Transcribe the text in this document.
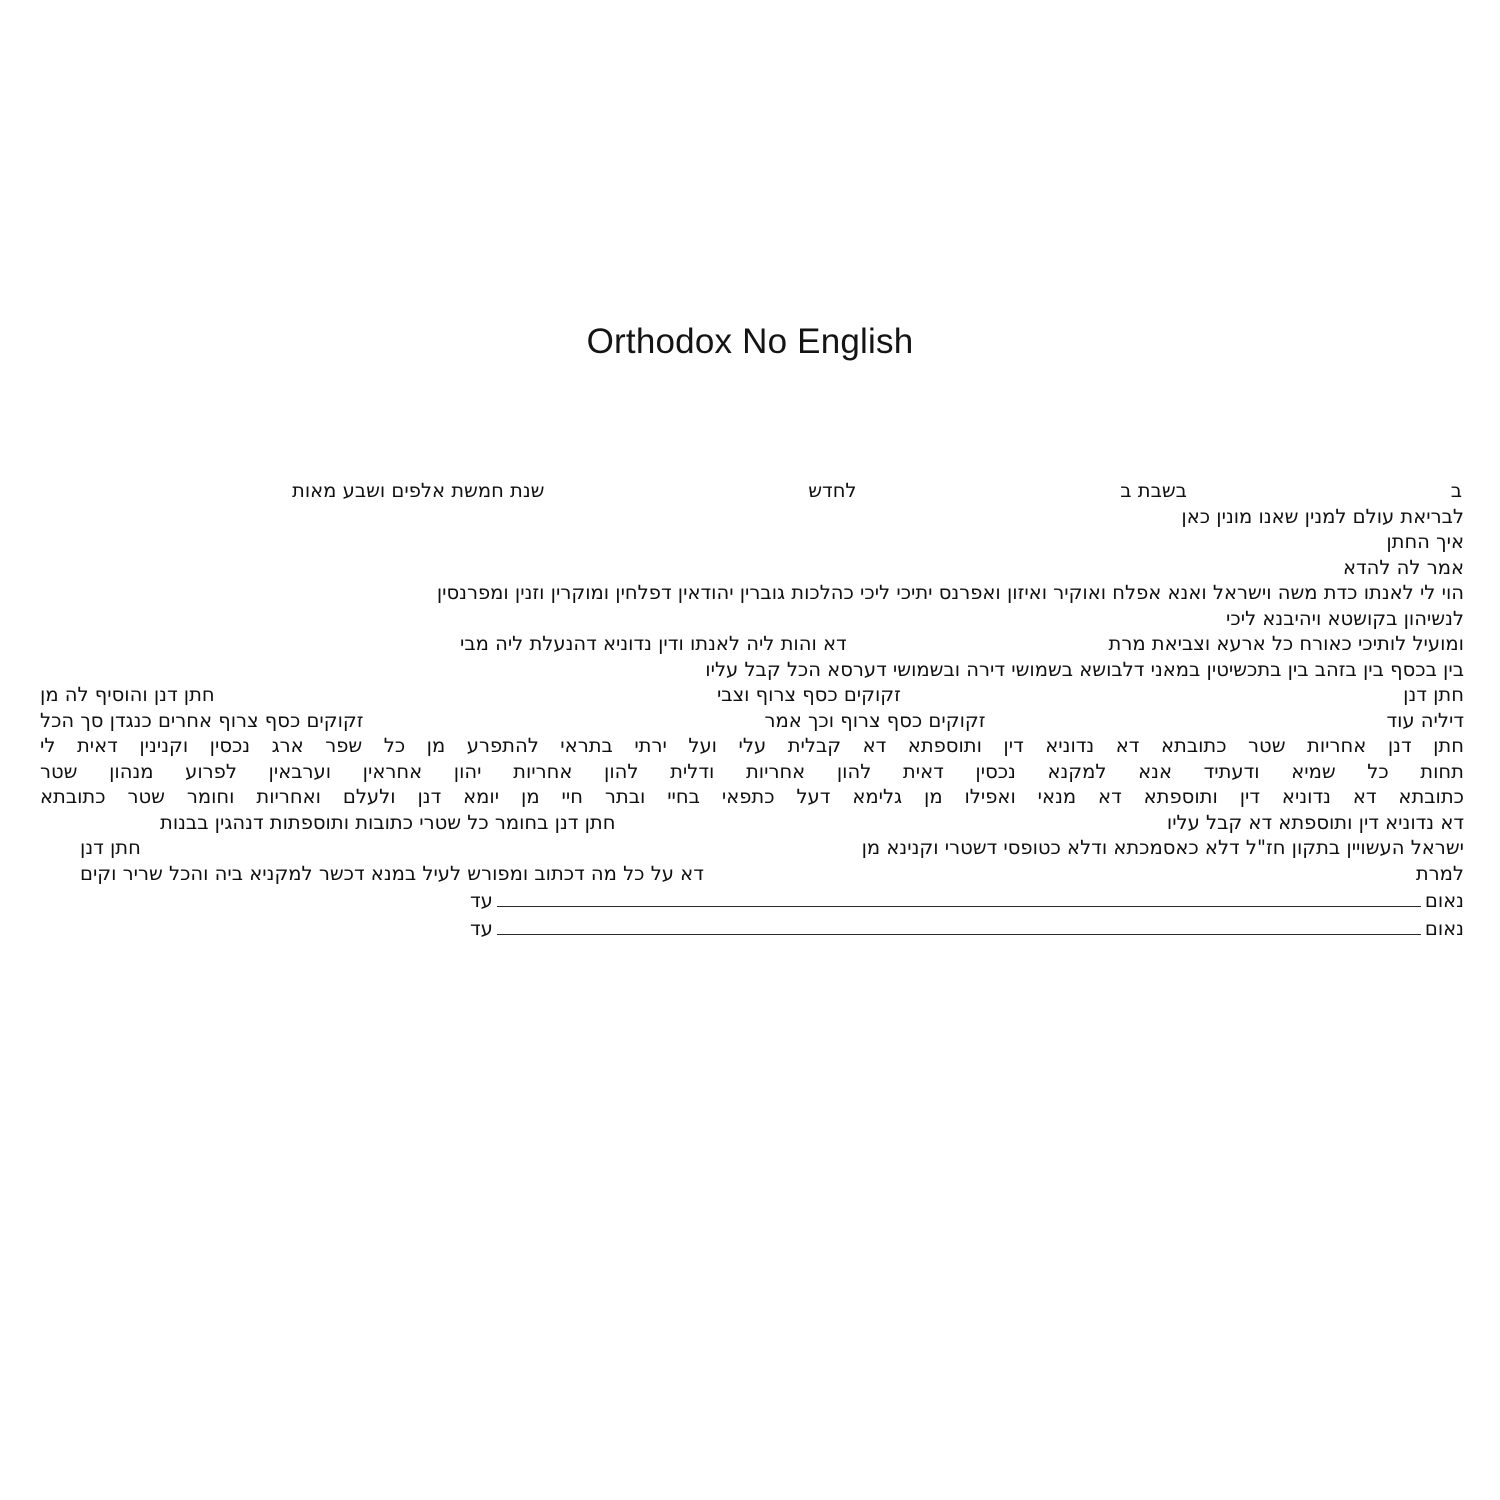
Orthodox No English
ב
בשבת ב
לחדש
שנת חמשת אלפים ושבע מאות
לבריאת עולם למנין שאנו מונין כאן
איך החתן
אמר לה להדא
הוי לי לאנתו כדת משה וישראל ואנא אפלח ואוקיר ואיזון ואפרנס יתיכי ליכי כהלכות גוברין יהודאין דפלחין ומוקרין וזנין ומפרנסין
לנשיהון בקושטא ויהיבנא ליכי
ומועיל לותיכי כאורח כל ארעא וצביאת מרת
דא והות ליה לאנתו ודין נדוניא דהנעלת ליה מבי
בין בכסף בין בזהב בין בתכשיטין במאני דלבושא בשמושי דירה ובשמושי דערסא הכל קבל עליו
חתן דנן
זקוקים כסף צרוף וצבי
חתן דנן והוסיף לה מן
דיליה עוד
זקוקים כסף צרוף וכך אמר
זקוקים כסף צרוף אחרים כנגדן סך הכל
חתן דנן אחריות שטר כתובתא דא נדוניא דין ותוספתא דא קבלית עלי ועל ירתי בתראי להתפרע מן כל שפר ארג נכסין וקנינין דאית לי
תחות כל שמיא ודעתיד אנא למקנא נכסין דאית להון אחריות ודלית להון אחריות יהון אחראין וערבאין לפרוע מנהון שטר
כתובתא דא נדוניא דין ותוספתא דא מנאי ואפילו מן גלימא דעל כתפאי בחיי ובתר חיי מן יומא דנן ולעלם ואחריות וחומר שטר כתובתא
דא נדוניא דין ותוספתא דא קבל עליו
חתן דנן בחומר כל שטרי כתובות ותוספתות דנהגין בבנות
ישראל העשויין בתקון חז"ל דלא כאסמכתא ודלא כטופסי דשטרי וקנינא מן
חתן דנן
למרת
דא על כל מה דכתוב ומפורש לעיל במנא דכשר למקניא ביה והכל שריר וקים
נאום
עד
נאום
עד
